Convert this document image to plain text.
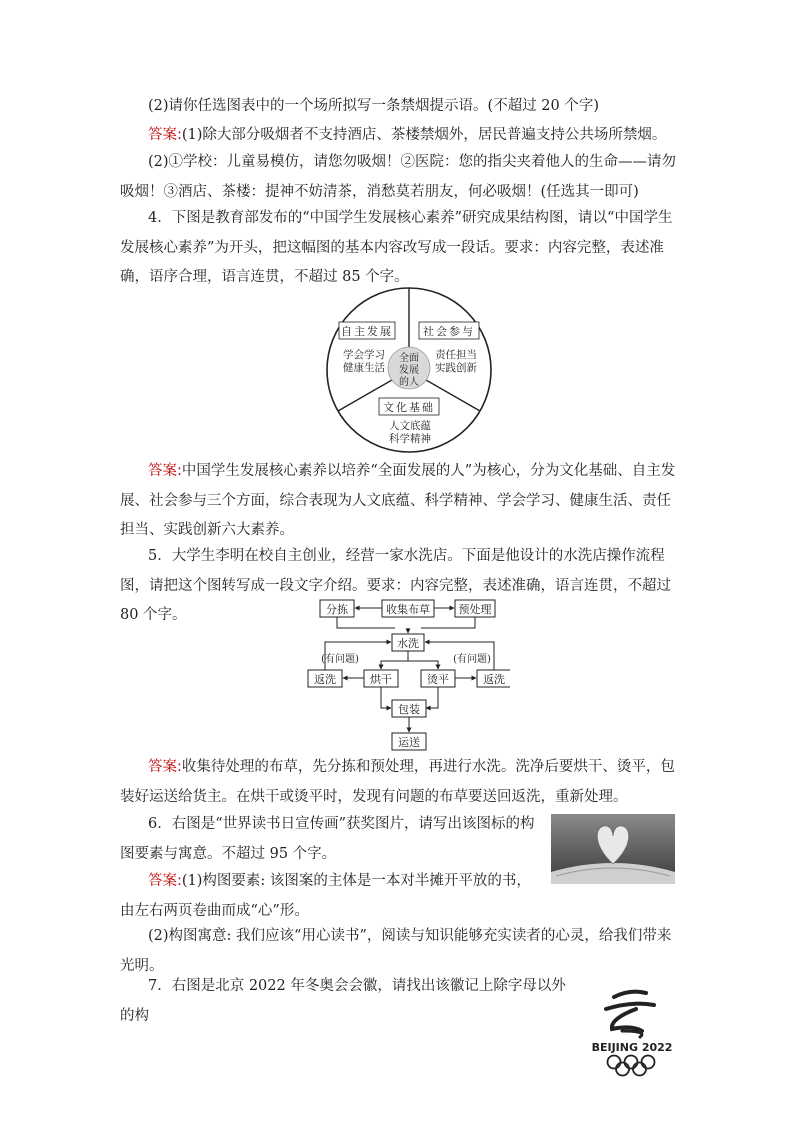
(2)请你任选图表中的一个场所拟写一条禁烟提示语。(不超过 20 个字)

答案:(1)除大部分吸烟者不支持酒店、茶楼禁烟外，居民普遍支持公共场所禁烟。

(2)①学校：儿童易模仿，请您勿吸烟！②医院：您的指尖夹着他人的生命——请勿吸烟！③酒店、茶楼：提神不妨清茶，消愁莫若朋友，何必吸烟！(任选其一即可)

4．下图是教育部发布的“中国学生发展核心素养”研究成果结构图，请以“中国学生发展核心素养”为开头，把这幅图的基本内容改写成一段话。要求：内容完整，表述准确，语序合理，语言连贯，不超过 85 个字。

全面
发展
的人
自主发展
学会学习
健康生活
社会参与
责任担当
实践创新
文化基础
人文底蕴
科学精神

答案:中国学生发展核心素养以培养“全面发展的人”为核心，分为文化基础、自主发展、社会参与三个方面，综合表现为人文底蕴、科学精神、学会学习、健康生活、责任担当、实践创新六大素养。

5．大学生李明在校自主创业，经营一家水洗店。下面是他设计的水洗店操作流程图，请把这个图转写成一段文字介绍。要求：内容完整，表述准确，语言连贯，不超过 80 个字。	分拣	收集布草	预处理
水洗
(有问题)	(有问题)
返洗	烘干	烫平	返洗
包装
运送

答案:收集待处理的布草，先分拣和预处理，再进行水洗。洗净后要烘干、烫平，包装好运送给货主。在烘干或烫平时，发现有问题的布草要送回返洗，重新处理。

6．右图是“世界读书日宣传画”获奖图片，请写出该图标的构图要素与寓意。不超过 95 个字。

答案:(1)构图要素: 该图案的主体是一本对半摊开平放的书，由左右两页卷曲而成“心”形。

(2)构图寓意: 我们应该“用心读书”，阅读与知识能够充实读者的心灵，给我们带来光明。

7．右图是北京 2022 年冬奥会会徽，请找出该徽记上除字母以外的构

BEIJING 2022
